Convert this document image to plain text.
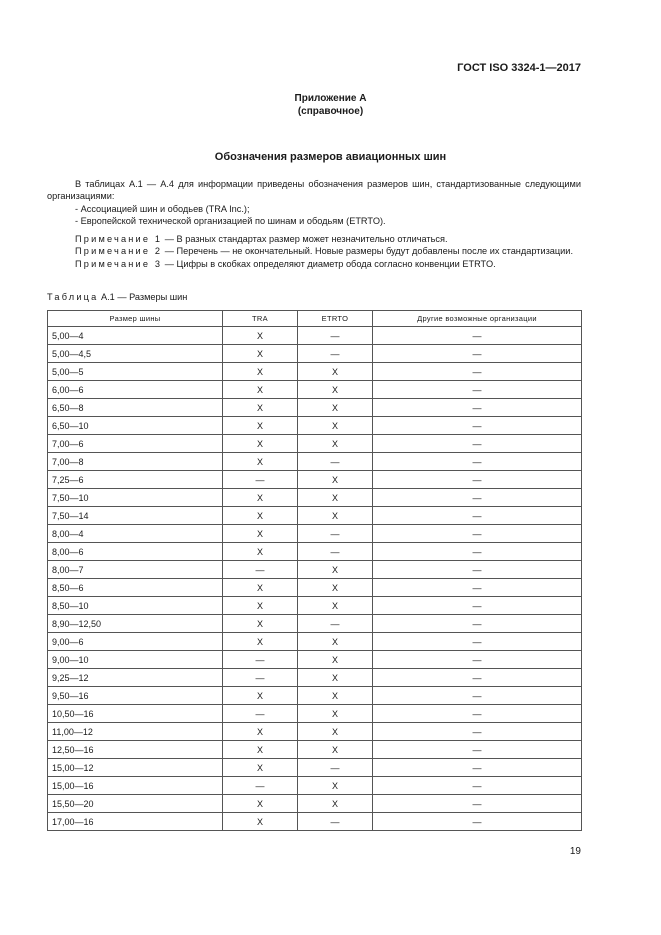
ГОСТ ISO 3324-1—2017
Приложение А
(справочное)
Обозначения размеров авиационных шин

В таблицах А.1 — А.4 для информации приведены обозначения размеров шин, стандартизованные следующими организациями:

- Ассоциацией шин и ободьев (TRA Inc.);

- Европейской технической организацией по шинам и ободьям (ETRTO).

Примечание 1 — В разных стандартах размер может незначительно отличаться.

Примечание 2 — Перечень — не окончательный. Новые размеры будут добавлены после их стандартизации.

Примечание 3 — Цифры в скобках определяют диаметр обода согласно конвенции ETRTO.

Таблица А.1 — Размеры шин
Размер шины	TRA	ETRTO	Другие возможные организации
5,00—4	X	—	—
5,00—4,5	X	—	—
5,00—5	X	X	—
6,00—6	X	X	—
6,50—8	X	X	—
6,50—10	X	X	—
7,00—6	X	X	—
7,00—8	X	—	—
7,25—6	—	X	—
7,50—10	X	X	—
7,50—14	X	X	—
8,00—4	X	—	—
8,00—6	X	—	—
8,00—7	—	X	—
8,50—6	X	X	—
8,50—10	X	X	—
8,90—12,50	X	—	—
9,00—6	X	X	—
9,00—10	—	X	—
9,25—12	—	X	—
9,50—16	X	X	—
10,50—16	—	X	—
11,00—12	X	X	—
12,50—16	X	X	—
15,00—12	X	—	—
15,00—16	—	X	—
15,50—20	X	X	—
17,00—16	X	—	—
19
